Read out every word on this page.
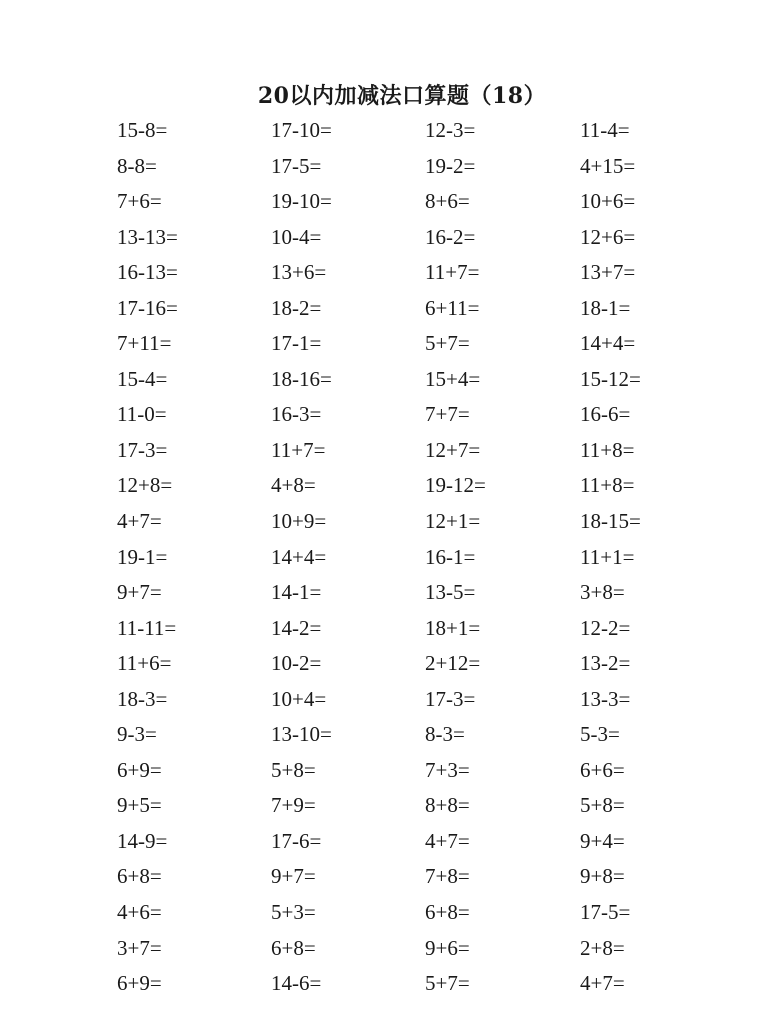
20以内加减法口算题（18）
15-8=	17-10=	12-3=	11-4=
8-8=	17-5=	19-2=	4+15=
7+6=	19-10=	8+6=	10+6=
13-13=	10-4=	16-2=	12+6=
16-13=	13+6=	11+7=	13+7=
17-16=	18-2=	6+11=	18-1=
7+11=	17-1=	5+7=	14+4=
15-4=	18-16=	15+4=	15-12=
11-0=	16-3=	7+7=	16-6=
17-3=	11+7=	12+7=	11+8=
12+8=	4+8=	19-12=	11+8=
4+7=	10+9=	12+1=	18-15=
19-1=	14+4=	16-1=	11+1=
9+7=	14-1=	13-5=	3+8=
11-11=	14-2=	18+1=	12-2=
11+6=	10-2=	2+12=	13-2=
18-3=	10+4=	17-3=	13-3=
9-3=	13-10=	8-3=	5-3=
6+9=	5+8=	7+3=	6+6=
9+5=	7+9=	8+8=	5+8=
14-9=	17-6=	4+7=	9+4=
6+8=	9+7=	7+8=	9+8=
4+6=	5+3=	6+8=	17-5=
3+7=	6+8=	9+6=	2+8=
6+9=	14-6=	5+7=	4+7=
